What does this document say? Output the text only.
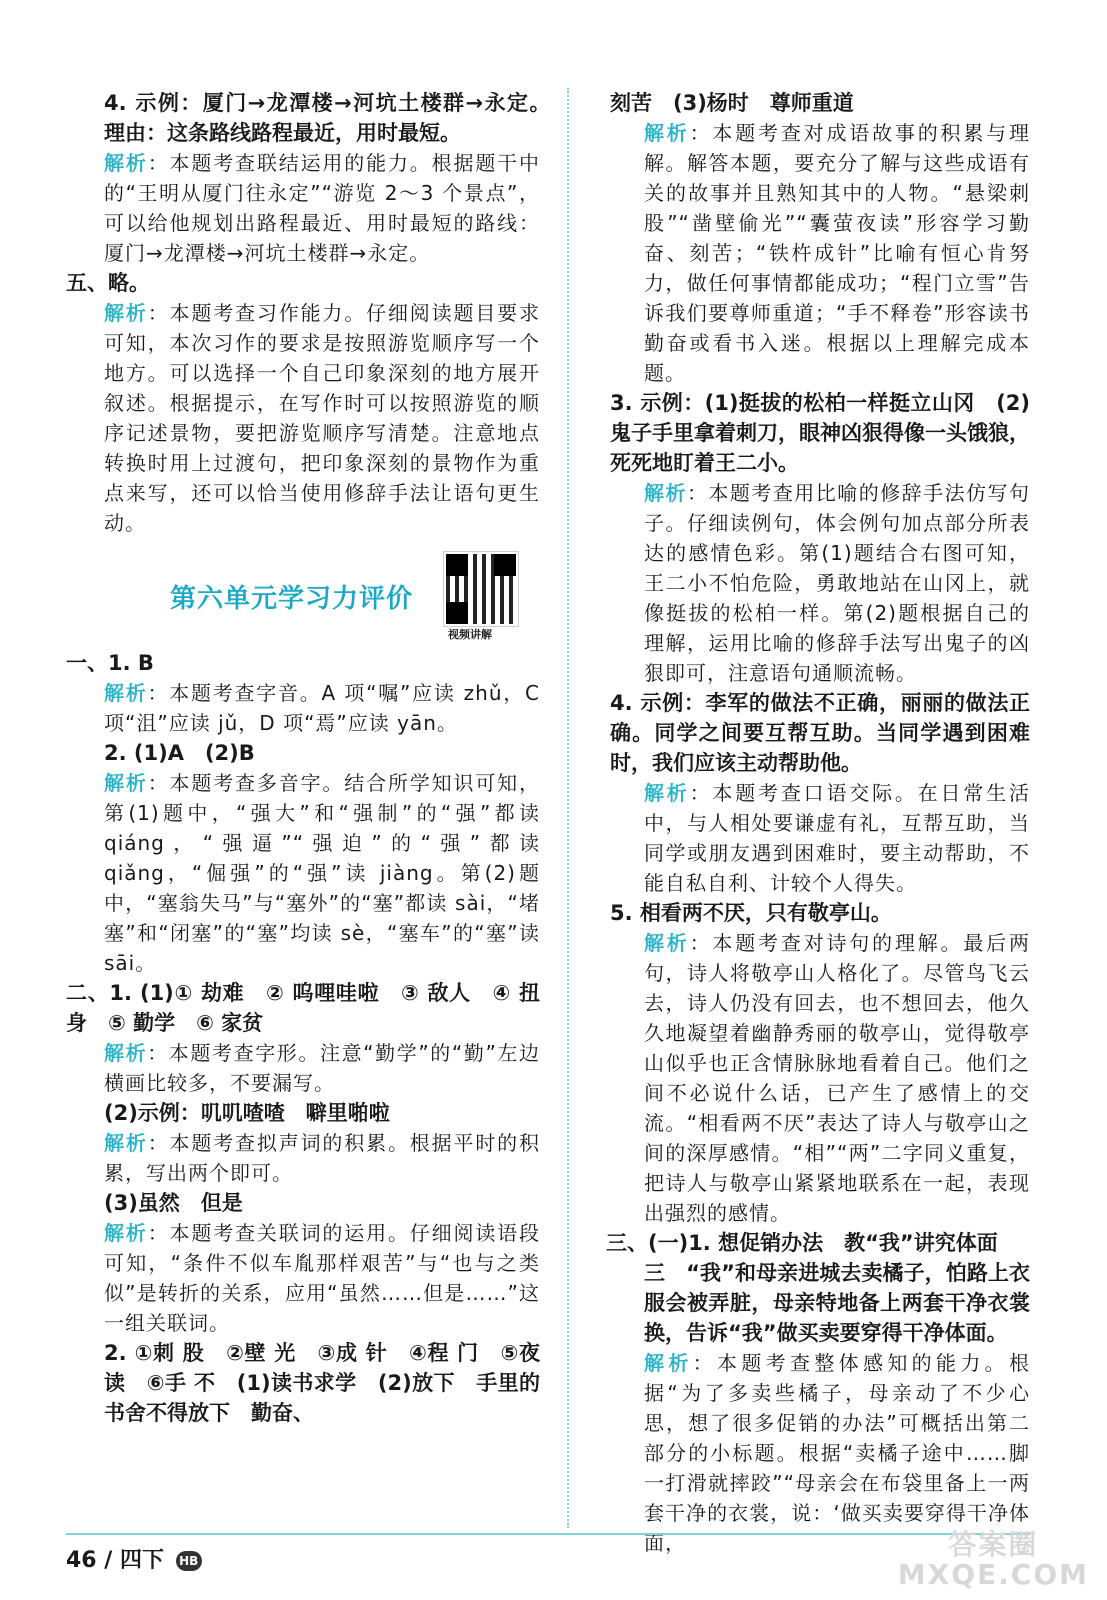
4. 示例：厦门→龙潭楼→河坑土楼群→永定。　理由：这条路线路程最近，用时最短。

解析：本题考查联结运用的能力。根据题干中的“王明从厦门往永定”“游览 2～3 个景点”，可以给他规划出路程最近、用时最短的路线：厦门→龙潭楼→河坑土楼群→永定。

五、略。

解析：本题考查习作能力。仔细阅读题目要求可知，本次习作的要求是按照游览顺序写一个地方。可以选择一个自己印象深刻的地方展开叙述。根据提示，在写作时可以按照游览的顺序记述景物，要把游览顺序写清楚。注意地点转换时用上过渡句，把印象深刻的景物作为重点来写，还可以恰当使用修辞手法让语句更生动。

第六单元学习力评价
视频讲解

一、1. B

解析：本题考查字音。A 项“嘱”应读 zhǔ，C 项“沮”应读 jǔ，D 项“焉”应读 yān。

2. (1)A　(2)B

解析：本题考查多音字。结合所学知识可知，第(1)题中，“强大”和“强制”的“强”都读 qiáng，“强逼”“强迫”的“强”都读 qiǎng，“倔强”的“强”读 jiàng。第(2)题中，“塞翁失马”与“塞外”的“塞”都读 sài，“堵塞”和“闭塞”的“塞”均读 sè，“塞车”的“塞”读 sāi。

二、1. (1)① 劫难　② 呜哩哇啦　③ 敌人　④ 扭身　⑤ 勤学　⑥ 家贫

解析：本题考查字形。注意“勤学”的“勤”左边横画比较多，不要漏写。

(2)示例：叽叽喳喳　噼里啪啦

解析：本题考查拟声词的积累。根据平时的积累，写出两个即可。

(3)虽然　但是

解析：本题考查关联词的运用。仔细阅读语段可知，“条件不似车胤那样艰苦”与“也与之类似”是转折的关系，应用“虽然……但是……”这一组关联词。

2. ①刺 股　②壁 光　③成 针　④程 门　⑤夜 读　⑥手 不　(1)读书求学　(2)放下　手里的书舍不得放下　勤奋、

刻苦　(3)杨时　尊师重道

解析：本题考查对成语故事的积累与理解。解答本题，要充分了解与这些成语有关的故事并且熟知其中的人物。“悬梁刺股”“凿壁偷光”“囊萤夜读”形容学习勤奋、刻苦；“铁杵成针”比喻有恒心肯努力，做任何事情都能成功；“程门立雪”告诉我们要尊师重道；“手不释卷”形容读书勤奋或看书入迷。根据以上理解完成本题。

3. 示例：(1)挺拔的松柏一样挺立山冈　(2)鬼子手里拿着刺刀，眼神凶狠得像一头饿狼，死死地盯着王二小。

解析：本题考查用比喻的修辞手法仿写句子。仔细读例句，体会例句加点部分所表达的感情色彩。第(1)题结合右图可知，王二小不怕危险，勇敢地站在山冈上，就像挺拔的松柏一样。第(2)题根据自己的理解，运用比喻的修辞手法写出鬼子的凶狠即可，注意语句通顺流畅。

4. 示例：李军的做法不正确，丽丽的做法正确。同学之间要互帮互助。当同学遇到困难时，我们应该主动帮助他。

解析：本题考查口语交际。在日常生活中，与人相处要谦虚有礼，互帮互助，当同学或朋友遇到困难时，要主动帮助，不能自私自利、计较个人得失。

5. 相看两不厌，只有敬亭山。

解析：本题考查对诗句的理解。最后两句，诗人将敬亭山人格化了。尽管鸟飞云去，诗人仍没有回去，也不想回去，他久久地凝望着幽静秀丽的敬亭山，觉得敬亭山似乎也正含情脉脉地看着自己。他们之间不必说什么话，已产生了感情上的交流。“相看两不厌”表达了诗人与敬亭山之间的深厚感情。“相”“两”二字同义重复，把诗人与敬亭山紧紧地联系在一起，表现出强烈的感情。

三、(一)1. 想促销办法　教“我”讲究体面

三　“我”和母亲进城去卖橘子，怕路上衣服会被弄脏，母亲特地备上两套干净衣裳换，告诉“我”做买卖要穿得干净体面。

解析：本题考查整体感知的能力。根据“为了多卖些橘子，母亲动了不少心思，想了很多促销的办法”可概括出第二部分的小标题。根据“卖橘子途中……脚一打滑就摔跤”“母亲会在布袋里备上一两套干净的衣裳，说：‘做买卖要穿得干净体面，

46 / 四下 HB	答案圈
MXQE.COM
